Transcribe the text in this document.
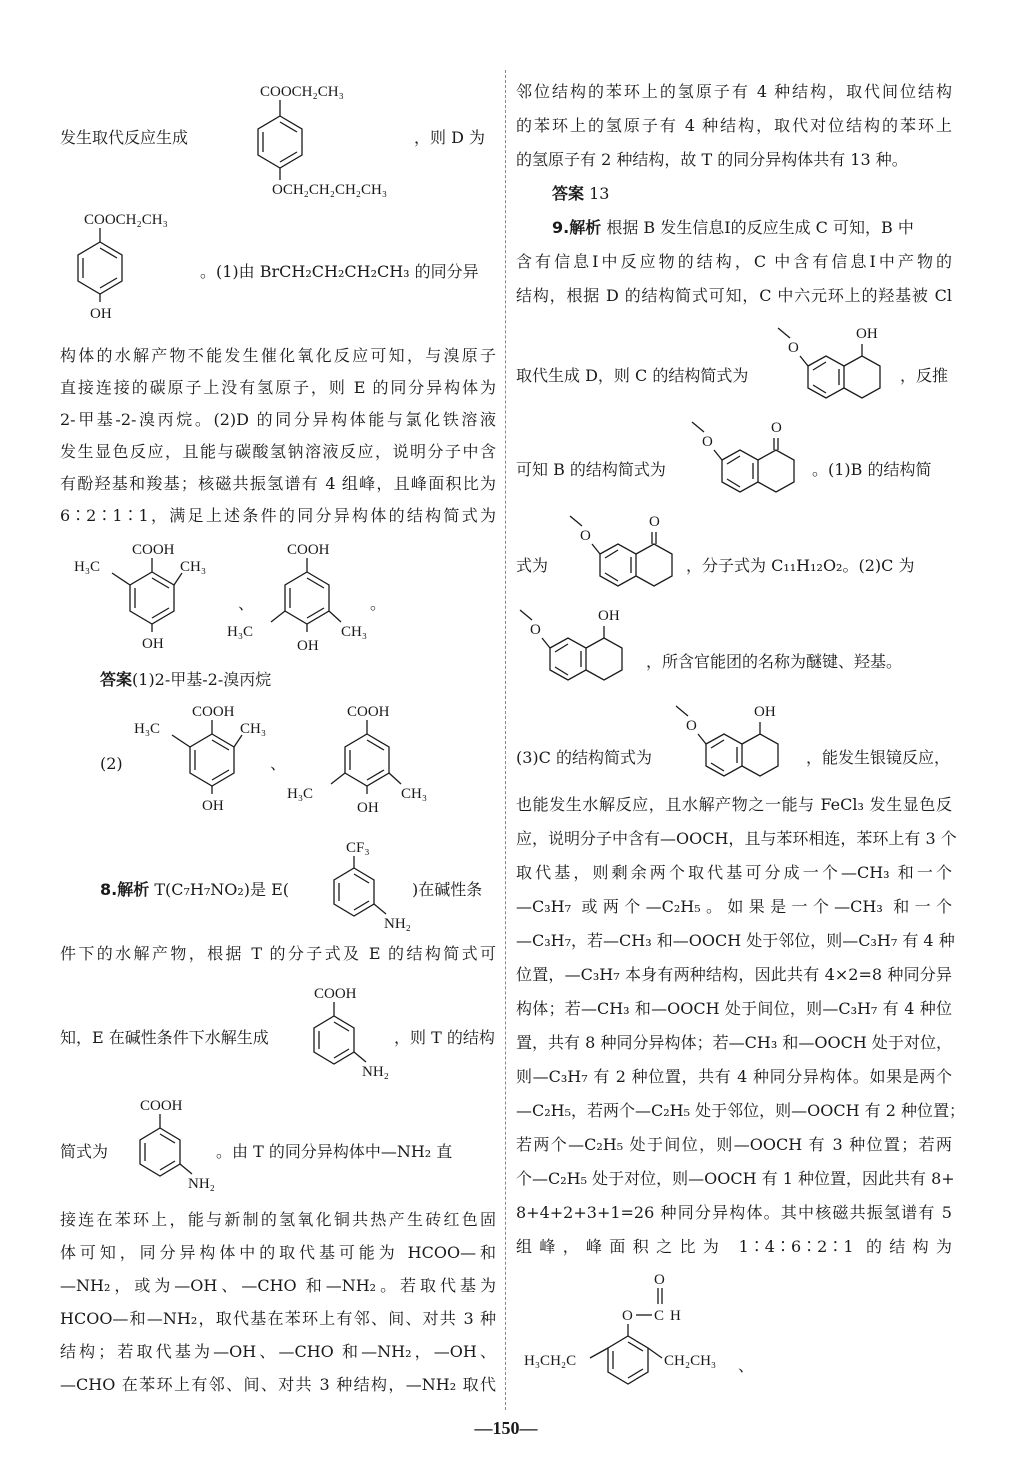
COOCH₂CH₃
OCH₂CH₂CH₂CH₃
发生取代反应生成	，则 D 为
COOCH₂CH₃
OH
。(1)由 BrCH₂CH₂CH₂CH₃ 的同分异
构体的水解产物不能发生催化氧化反应可知，与溴原子
直接连接的碳原子上没有氢原子，则 E 的同分异构体为
2-甲基-2-溴丙烷。(2)D 的同分异构体能与氯化铁溶液
发生显色反应，且能与碳酸氢钠溶液反应，说明分子中含
有酚羟基和羧基；核磁共振氢谱有 4 组峰，且峰面积比为
6∶2∶1∶1，满足上述条件的同分异构体的结构简式为
COOH
H₃C	CH₃
OH
、
COOH
H₃C	CH₃
OH
。
答案(1)2-甲基-2-溴丙烷
(2)
COOH
H₃C	CH₃
OH
、
COOH
H₃C	CH₃
OH
8.解析 T(C₇H₇NO₂)是 E(
CF₃
NH₂
)在碱性条
件下的水解产物，根据 T 的分子式及 E 的结构简式可
知，E 在碱性条件下水解生成
COOH
NH₂
，则 T 的结构
简式为
COOH
NH₂
。由 T 的同分异构体中—NH₂ 直
接连在苯环上，能与新制的氢氧化铜共热产生砖红色固
体可知，同分异构体中的取代基可能为 HCOO—和
—NH₂，或为—OH、—CHO 和—NH₂。若取代基为
HCOO—和—NH₂，取代基在苯环上有邻、间、对共 3 种
结构；若取代基为—OH、—CHO 和—NH₂，—OH、
—CHO 在苯环上有邻、间、对共 3 种结构，—NH₂ 取代
邻位结构的苯环上的氢原子有 4 种结构，取代间位结构
的苯环上的氢原子有 4 种结构，取代对位结构的苯环上
的氢原子有 2 种结构，故 T 的同分异构体共有 13 种。
答案 13
9.解析 根据 B 发生信息Ⅰ的反应生成 C 可知，B 中
含有信息Ⅰ中反应物的结构，C 中含有信息Ⅰ中产物的
结构，根据 D 的结构简式可知，C 中六元环上的羟基被 Cl
取代生成 D，则 C 的结构简式为
O
OH
，反推
可知 B 的结构简式为
O
O
。(1)B 的结构简
式为
O
O
，分子式为 C₁₁H₁₂O₂。(2)C 为
O
OH
，所含官能团的名称为醚键、羟基。
(3)C 的结构简式为
O
OH
，能发生银镜反应，
也能发生水解反应，且水解产物之一能与 FeCl₃ 发生显色反
应，说明分子中含有—OOCH，且与苯环相连，苯环上有 3 个
取代基，则剩余两个取代基可分成一个—CH₃ 和一个
—C₃H₇ 或两个—C₂H₅。如果是一个—CH₃ 和一个
—C₃H₇，若—CH₃ 和—OOCH 处于邻位，则—C₃H₇ 有 4 种
位置，—C₃H₇ 本身有两种结构，因此共有 4×2=8 种同分异
构体；若—CH₃ 和—OOCH 处于间位，则—C₃H₇ 有 4 种位
置，共有 8 种同分异构体；若—CH₃ 和—OOCH 处于对位，
则—C₃H₇ 有 2 种位置，共有 4 种同分异构体。如果是两个
—C₂H₅，若两个—C₂H₅ 处于邻位，则—OOCH 有 2 种位置；
若两个—C₂H₅ 处于间位，则—OOCH 有 3 种位置；若两
个—C₂H₅ 处于对位，则—OOCH 有 1 种位置，因此共有 8+
8+4+2+3+1=26 种同分异构体。其中核磁共振氢谱有 5
组峰，峰面积之比为 1∶4∶6∶2∶1 的结构为
O
O C H
H₃CH₂C	CH₂CH₃ 、
—150—
